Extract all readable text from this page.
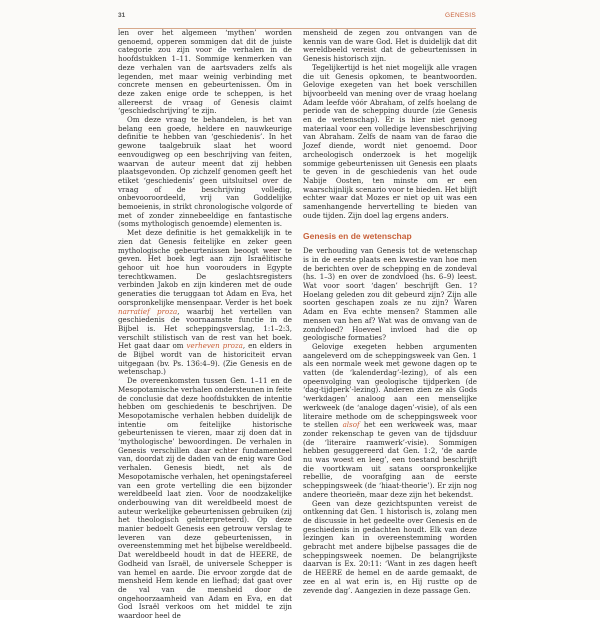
31	GENESIS

len over het algemeen ‘mythen’ worden genoemd, opperen sommigen dat dit de juiste categorie zou zijn voor de verhalen in de hoofdstukken 1–11. Sommige kenmerken van deze verhalen van de aartsvaders zelfs als legenden, met maar weinig verbinding met concrete mensen en gebeurtenissen. Om in deze zaken enige orde te scheppen, is het allereerst de vraag of Genesis claimt ‘geschiedschrijving’ te zijn.

Om deze vraag te behandelen, is het van belang een goede, heldere en nauwkeurige definitie te hebben van ‘geschiedenis’. In het gewone taalgebruik slaat het woord eenvoudigweg op een beschrijving van feiten, waarvan de auteur meent dat zij hebben plaatsgevonden. Op zichzelf genomen geeft het etiket ‘geschiedenis’ geen uitsluitsel over de vraag of de beschrijving volledig, onbevooroordeeld, vrij van Goddelijke bemoeienis, in strikt chronologische volgorde of met of zonder zinnebeeldige en fantastische (soms mythologisch genoemde) elementen is.

Met deze definitie is het gemakkelijk in te zien dat Genesis feitelijke en zeker geen mythologische gebeurtenissen beoogt weer te geven. Het boek legt aan zijn Israëlitische gehoor uit hoe hun voorouders in Egypte terechtkwamen. De geslachtsregisters verbinden Jakob en zijn kinderen met de oude generaties die teruggaan tot Adam en Eva, het oorspronkelijke mensenpaar. Verder is het boek narratief proza, waarbij het vertellen van geschiedenis de voornaamste functie in de Bijbel is. Het scheppingsverslag, 1:1–2:3, verschilt stilistisch van de rest van het boek. Het gaat daar om verheven proza, en elders in de Bijbel wordt van de historiciteit ervan uitgegaan (bv. Ps. 136:4–9). (Zie Genesis en de wetenschap.)

De overeenkomsten tussen Gen. 1–11 en de Mesopotamische verhalen ondersteunen in feite de conclusie dat deze hoofdstukken de intentie hebben om geschiedenis te beschrijven. De Mesopotamische verhalen hebben duidelijk de intentie om feitelijke historische gebeurtenissen te vieren, maar zij doen dat in ‘mythologische’ bewoordingen. De verhalen in Genesis verschillen daar echter fundamenteel van, doordat zij de daden van de enig ware God verhalen. Genesis biedt, net als de Mesopotamische verhalen, het openingstafereel van een grote vertelling die een bijzonder wereldbeeld laat zien. Voor de noodzakelijke onderbouwing van dit wereldbeeld moest de auteur werkelijke gebeurtenissen gebruiken (zij het theologisch geïnterpreteerd). Op deze manier bedoelt Genesis een getrouw verslag te leveren van deze gebeurtenissen, in overeenstemming met het bijbelse wereldbeeld. Dat wereldbeeld houdt in dat de HEERE, de Godheid van Israël, de universele Schepper is van hemel en aarde. Die ervoor zorgde dat de mensheid Hem kende en liefhad; dat gaat over de val van de mensheid door de ongehoorzaamheid van Adam en Eva, en dat God Israël verkoos om het middel te zijn waardoor heel de

mensheid de zegen zou ontvangen van de kennis van de ware God. Het is duidelijk dat dit wereldbeeld vereist dat de gebeurtenissen in Genesis historisch zijn.

Tegelijkertijd is het niet mogelijk alle vragen die uit Genesis opkomen, te beantwoorden. Gelovige exegeten van het boek verschillen bijvoorbeeld van mening over de vraag hoelang Adam leefde vóór Abraham, of zelfs hoelang de periode van de schepping duurde (zie Genesis en de wetenschap). Er is hier niet genoeg materiaal voor een volledige levensbeschrijving van Abraham. Zelfs de naam van de farao die Jozef diende, wordt niet genoemd. Door archeologisch onderzoek is het mogelijk sommige gebeurtenissen uit Genesis een plaats te geven in de geschiedenis van het oude Nabije Oosten, ten minste om er een waarschijnlijk scenario voor te bieden. Het blijft echter waar dat Mozes er niet op uit was een samenhangende hervertelling te bieden van oude tijden. Zijn doel lag ergens anders.

Genesis en de wetenschap

De verhouding van Genesis tot de wetenschap is in de eerste plaats een kwestie van hoe men de berichten over de schepping en de zondeval (hs. 1–3) en over de zondvloed (hs. 6–9) leest. Wat voor soort ‘dagen’ beschrijft Gen. 1? Hoelang geleden zou dit gebeurd zijn? Zijn alle soorten geschapen zoals ze nu zijn? Waren Adam en Eva echte mensen? Stammen alle mensen van hen af? Wat was de omvang van de zondvloed? Hoeveel invloed had die op geologische formaties?

Gelovige exegeten hebben argumenten aangeleverd om de scheppingsweek van Gen. 1 als een normale week met gewone dagen op te vatten (de ‘kalenderdag’-lezing), of als een opeenvolging van geologische tijdperken (de ‘dag-tijdperk’-lezing). Anderen zien ze als Gods ‘werkdagen’ analoog aan een menselijke werkweek (de ‘analoge dagen’-visie), of als een literaire methode om de scheppingsweek voor te stellen alsof het een werkweek was, maar zonder rekenschap te geven van de tijdsduur (de ‘literaire raamwerk’-visie). Sommigen hebben gesuggereerd dat Gen. 1:2, ‘de aarde nu was woest en leeg’, een toestand beschrijft die voortkwam uit satans oorspronkelijke rebellie, de voorafging aan de eerste scheppingsweek (de ‘hiaat-theorie’). Er zijn nog andere theorieën, maar deze zijn het bekendst.

Geen van deze gezichtspunten vereist de ontkenning dat Gen. 1 historisch is, zolang men de discussie in het gedeelte over Genesis en de geschiedenis in gedachten houdt. Elk van deze lezingen kan in overeenstemming worden gebracht met andere bijbelse passages die de scheppingsweek noemen. De belangrijkste daarvan is Ex. 20:11: ‘Want in zes dagen heeft de HEERE de hemel en de aarde gemaakt, de zee en al wat erin is, en Hij rustte op de zevende dag’. Aangezien in deze passage Gen.
